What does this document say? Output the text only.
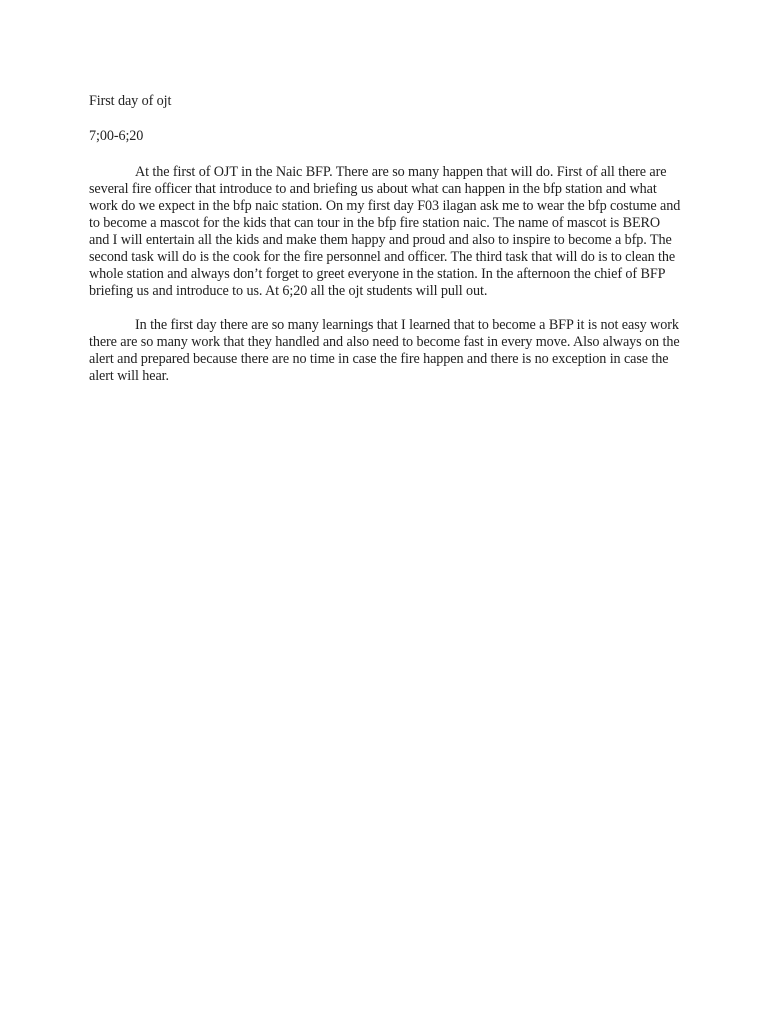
First day of ojt

7;00-6;20

At the first of OJT in the Naic BFP. There are so many happen that will do. First of all there are several fire officer that introduce to and briefing us about what can happen in the bfp station and what work do we expect in the bfp naic station. On my first day F03 ilagan ask me to wear the bfp costume and to become a mascot for the kids that can tour in the bfp fire station naic. The name of mascot is BERO and I will entertain all the kids and make them happy and proud and also to inspire to become a bfp. The second task will do is the cook for the fire personnel and officer. The third task that will do is to clean the whole station and always don’t forget to greet everyone in the station. In the afternoon the chief of BFP briefing us and introduce to us. At 6;20 all the ojt students will pull out.

In the first day there are so many learnings that I learned that to become a BFP it is not easy work there are so many work that they handled and also need to become fast in every move. Also always on the alert and prepared because there are no time in case the fire happen and there is no exception in case the alert will hear.
